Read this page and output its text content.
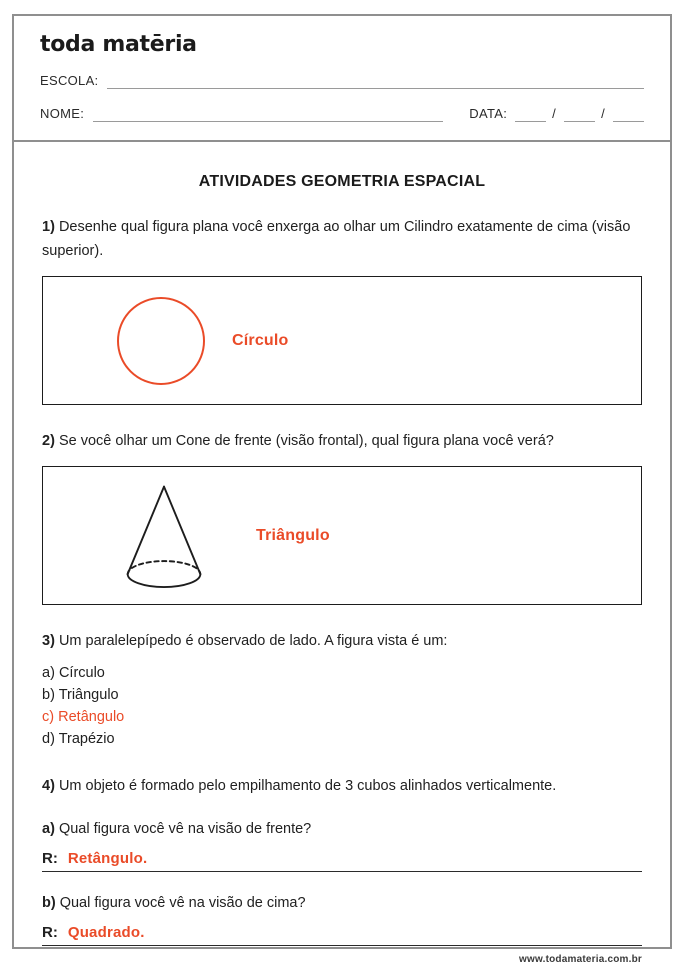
toda matēria
ESCOLA:
NOME:	DATA:	/	/
ATIVIDADES GEOMETRIA ESPACIAL
1) Desenhe qual figura plana você enxerga ao olhar um Cilindro exatamente de cima (visão superior).
Círculo
2) Se você olhar um Cone de frente (visão frontal), qual figura plana você verá?
Triângulo
3) Um paralelepípedo é observado de lado. A figura vista é um:
a) Círculo
b) Triângulo
c) Retângulo
d) Trapézio
4) Um objeto é formado pelo empilhamento de 3 cubos alinhados verticalmente.
a) Qual figura você vê na visão de frente?
R: Retângulo.
b) Qual figura você vê na visão de cima?
R: Quadrado.
www.todamateria.com.br
